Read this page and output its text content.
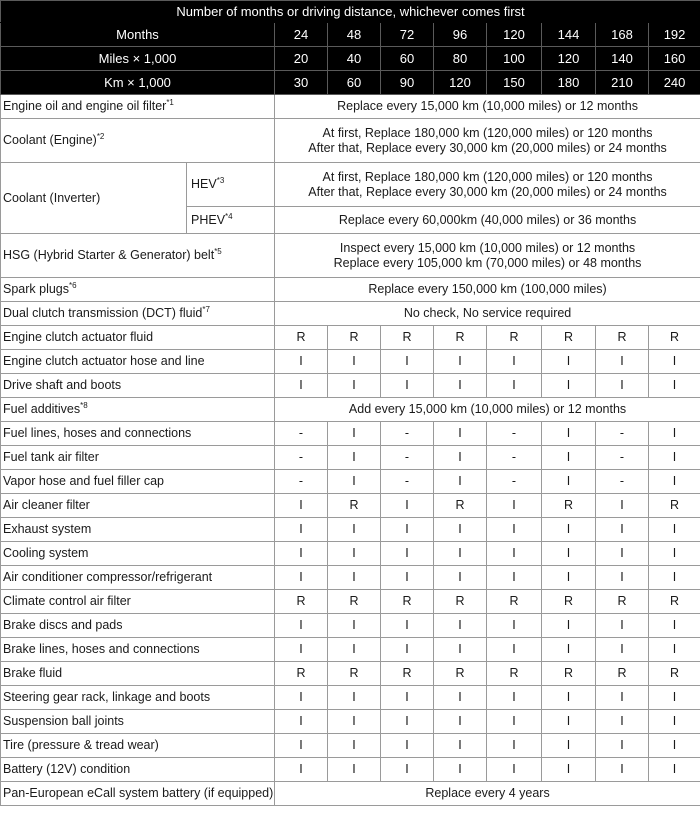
Number of months or driving distance, whichever comes first									
Months		24	48	72	96	120	144	168	192
Miles × 1,000		20	40	60	80	100	120	140	160
Km × 1,000		30	60	90	120	150	180	210	240
Engine oil and engine oil filter$^{*1}$		Replace every 15,000 km (10,000 miles) or 12 months							

Coolant (Engine)$^{*2}$		At first, Replace 180,000 km (120,000 miles) or 120 months
After that, Replace every 30,000 km (20,000 miles) or 24 months							

Coolant (Inverter)	HEV$^{*3}$	At first, Replace 180,000 km (120,000 miles) or 120 months
After that, Replace every 30,000 km (20,000 miles) or 24 months							

	PHEV$^{*4}$	Replace every 60,000km (40,000 miles) or 36 months							

HSG (Hybrid Starter & Generator) belt$^{*5}$		Inspect every 15,000 km (10,000 miles) or 12 months
Replace every 105,000 km (70,000 miles) or 48 months							

Spark plugs$^{*6}$		Replace every 150,000 km (100,000 miles)							

Dual clutch transmission (DCT) fluid$^{*7}$		No check, No service required							

Engine clutch actuator fluid		R	R	R	R	R	R	R	R
Engine clutch actuator hose and line		I	I	I	I	I	I	I	I
Drive shaft and boots		I	I	I	I	I	I	I	I
Fuel additives$^{*8}$		Add every 15,000 km (10,000 miles) or 12 months							

Fuel lines, hoses and connections		-	I	-	I	-	I	-	I
Fuel tank air filter		-	I	-	I	-	I	-	I
Vapor hose and fuel filler cap		-	I	-	I	-	I	-	I
Air cleaner filter		I	R	I	R	I	R	I	R
Exhaust system		I	I	I	I	I	I	I	I
Cooling system		I	I	I	I	I	I	I	I
Air conditioner compressor/refrigerant		I	I	I	I	I	I	I	I
Climate control air filter		R	R	R	R	R	R	R	R
Brake discs and pads		I	I	I	I	I	I	I	I
Brake lines, hoses and connections		I	I	I	I	I	I	I	I
Brake fluid		R	R	R	R	R	R	R	R
Steering gear rack, linkage and boots		I	I	I	I	I	I	I	I
Suspension ball joints		I	I	I	I	I	I	I	I
Tire (pressure & tread wear)		I	I	I	I	I	I	I	I
Battery (12V) condition		I	I	I	I	I	I	I	I
Pan-European eCall system battery (if equipped)		Replace every 4 years							
